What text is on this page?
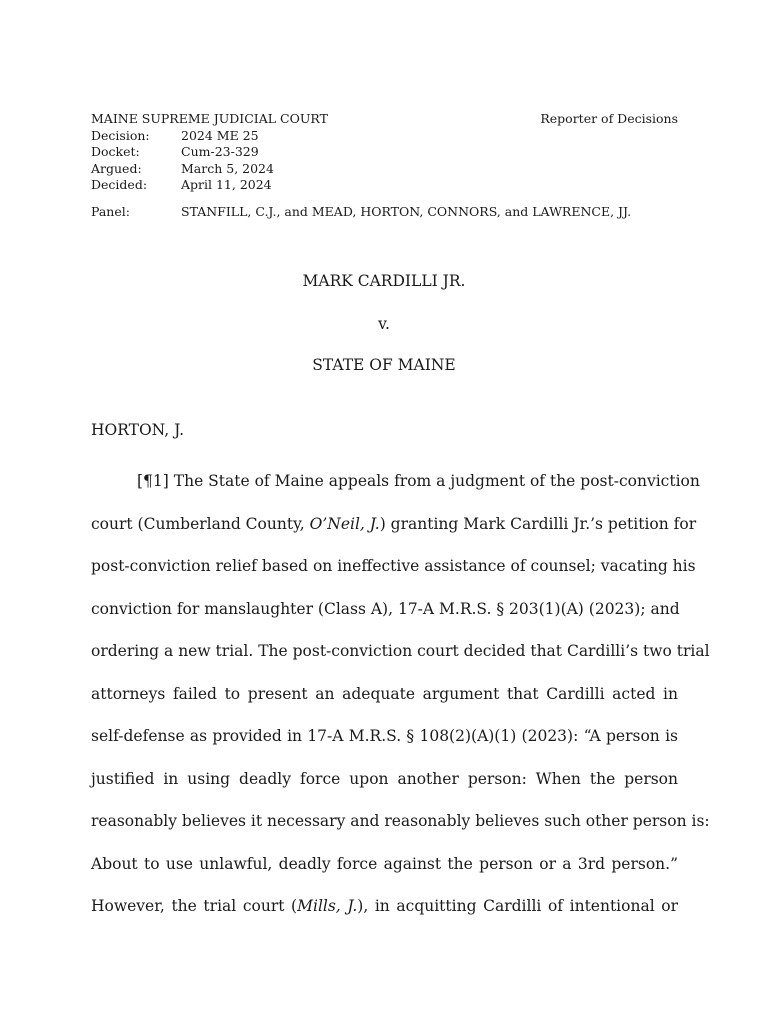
MAINE SUPREME JUDICIAL COURT	Reporter of Decisions
Decision:	2024 ME 25
Docket:	Cum-23-329
Argued:	March 5, 2024
Decided:	April 11, 2024
Panel:	STANFILL, C.J., and MEAD, HORTON, CONNORS, and LAWRENCE, JJ.
MARK CARDILLI JR.
v.
STATE OF MAINE
HORTON, J.
[¶1] The State of Maine appeals from a judgment of the post-conviction
court (Cumberland County, O’Neil, J.) granting Mark Cardilli Jr.’s petition for
post-conviction relief based on ineffective assistance of counsel; vacating his
conviction for manslaughter (Class A), 17-A M.R.S. § 203(1)(A) (2023); and
ordering a new trial. The post-conviction court decided that Cardilli’s two trial
attorneys failed to present an adequate argument that Cardilli acted in
self-defense as provided in 17-A M.R.S. § 108(2)(A)(1) (2023): “A person is
justified in using deadly force upon another person: When the person
reasonably believes it necessary and reasonably believes such other person is:
About to use unlawful, deadly force against the person or a 3rd person.”
However, the trial court (Mills, J.), in acquitting Cardilli of intentional or
